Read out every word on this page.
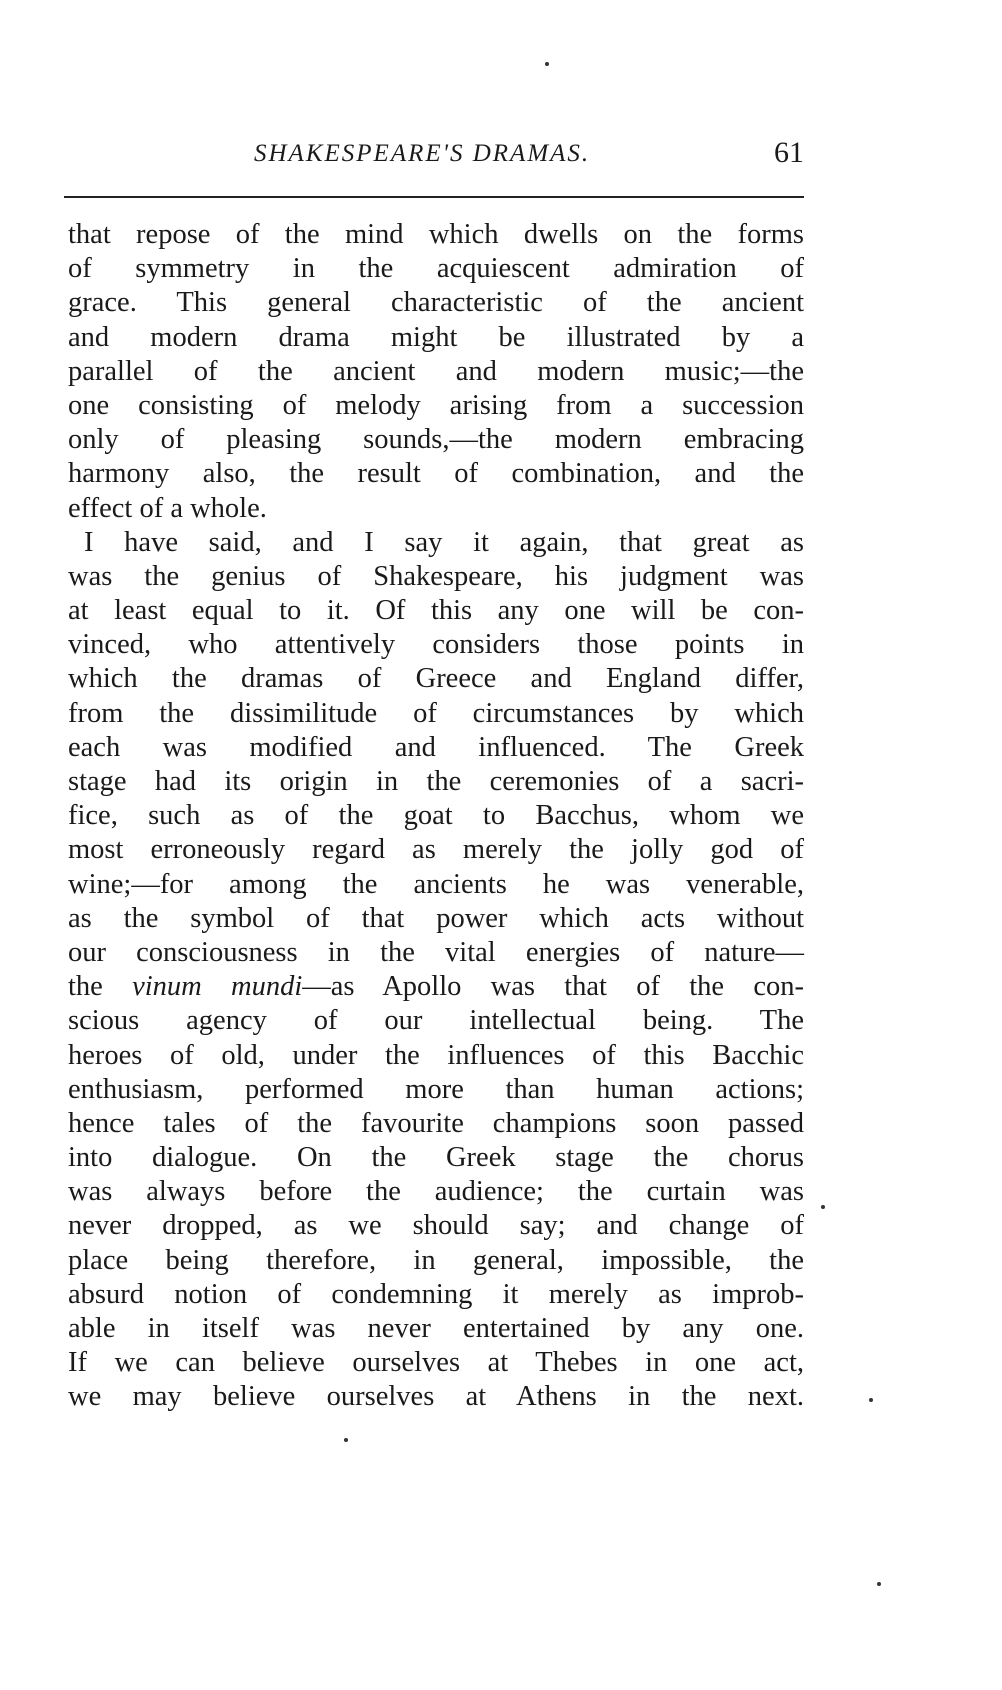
SHAKESPEARE'S DRAMAS.	61
that repose of the mind which dwells on the forms
of symmetry in the acquiescent admiration of
grace. This general characteristic of the ancient
and modern drama might be illustrated by a
parallel of the ancient and modern music;—the
one consisting of melody arising from a succession
only of pleasing sounds,—the modern embracing
harmony also, the result of combination, and the
effect of a whole.
I have said, and I say it again, that great as
was the genius of Shakespeare, his judgment was
at least equal to it. Of this any one will be con-
vinced, who attentively considers those points in
which the dramas of Greece and England differ,
from the dissimilitude of circumstances by which
each was modified and influenced. The Greek
stage had its origin in the ceremonies of a sacri-
fice, such as of the goat to Bacchus, whom we
most erroneously regard as merely the jolly god of
wine;—for among the ancients he was venerable,
as the symbol of that power which acts without
our consciousness in the vital energies of nature—
the vinum mundi—as Apollo was that of the con-
scious agency of our intellectual being. The
heroes of old, under the influences of this Bacchic
enthusiasm, performed more than human actions;
hence tales of the favourite champions soon passed
into dialogue. On the Greek stage the chorus
was always before the audience; the curtain was
never dropped, as we should say; and change of
place being therefore, in general, impossible, the
absurd notion of condemning it merely as improb-
able in itself was never entertained by any one.
If we can believe ourselves at Thebes in one act,
we may believe ourselves at Athens in the next.
